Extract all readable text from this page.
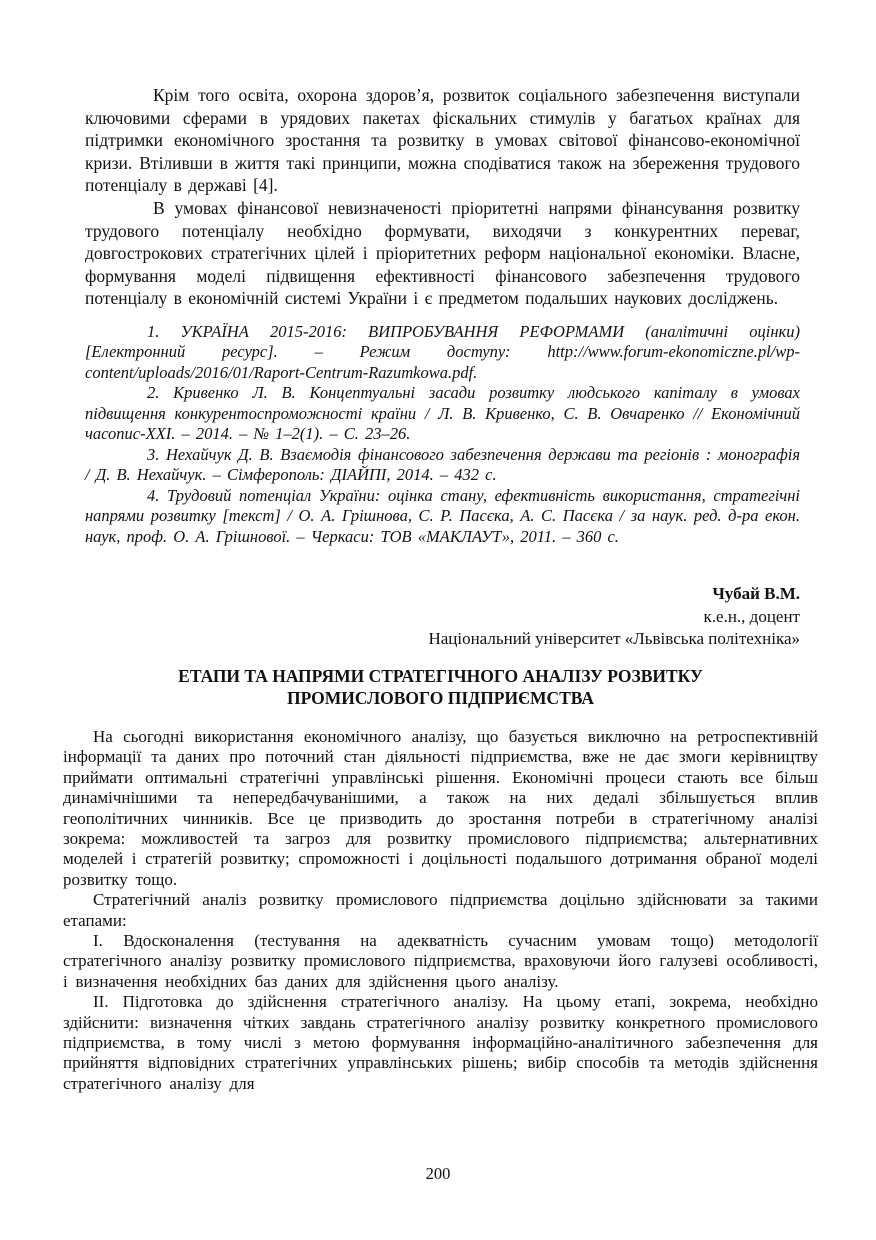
Крім того освіта, охорона здоров’я, розвиток соціального забезпечення виступали ключовими сферами в урядових пакетах фіскальних стимулів у багатьох країнах для підтримки економічного зростання та розвитку в умовах світової фінансово-економічної кризи. Втіливши в життя такі принципи, можна сподіватися також на збереження трудового потенціалу в державі [4].

В умовах фінансової невизначеності пріоритетні напрями фінансування розвитку трудового потенціалу необхідно формувати, виходячи з конкурентних переваг, довгострокових стратегічних цілей і пріоритетних реформ національної економіки. Власне, формування моделі підвищення ефективності фінансового забезпечення трудового потенціалу в економічній системі України і є предметом подальших наукових досліджень.

1. УКРАЇНА 2015-2016: ВИПРОБУВАННЯ РЕФОРМАМИ (аналітичні оцінки) [Електронний ресурс]. – Режим доступу: http://www.forum-ekonomiczne.pl/wp-content/uploads/2016/01/Raport-Centrum-Razumkowa.pdf.

2. Кривенко Л. В. Концептуальні засади розвитку людського капіталу в умовах підвищення конкурентоспроможності країни / Л. В. Кривенко, С. В. Овчаренко // Економічний часопис-XXI. – 2014. – № 1–2(1). – С. 23–26.

3. Нехайчук Д. В. Взаємодія фінансового забезпечення держави та регіонів : монографія / Д. В. Нехайчук. – Сімферополь: ДІАЙПІ, 2014. – 432 с.

4. Трудовий потенціал України: оцінка стану, ефективність використання, стратегічні напрями розвитку [текст] / О. А. Грішнова, С. Р. Пасєка, А. С. Пасєка / за наук. ред. д-ра екон. наук, проф. О. А. Грішнової. – Черкаси: ТОВ «МАКЛАУТ», 2011. – 360 с.

Чубай В.М.
к.е.н., доцент
Національний університет «Львівська політехніка»
ЕТАПИ ТА НАПРЯМИ СТРАТЕГІЧНОГО АНАЛІЗУ РОЗВИТКУ
ПРОМИСЛОВОГО ПІДПРИЄМСТВА

На сьогодні використання економічного аналізу, що базується виключно на ретроспективній інформації та даних про поточний стан діяльності підприємства, вже не дає змоги керівництву приймати оптимальні стратегічні управлінські рішення. Економічні процеси стають все більш динамічнішими та непередбачуванішими, а також на них дедалі збільшується вплив геополітичних чинників. Все це призводить до зростання потреби в стратегічному аналізі зокрема: можливостей та загроз для розвитку промислового підприємства; альтернативних моделей і стратегій розвитку; спроможності і доцільності подальшого дотримання обраної моделі розвитку тощо.

Стратегічний аналіз розвитку промислового підприємства доцільно здійснювати за такими етапами:

І. Вдосконалення (тестування на адекватність сучасним умовам тощо) методології стратегічного аналізу розвитку промислового підприємства, враховуючи його галузеві особливості, і визначення необхідних баз даних для здійснення цього аналізу.

ІІ. Підготовка до здійснення стратегічного аналізу. На цьому етапі, зокрема, необхідно здійснити: визначення чітких завдань стратегічного аналізу розвитку конкретного промислового підприємства, в тому числі з метою формування інформаційно-аналітичного забезпечення для прийняття відповідних стратегічних управлінських рішень; вибір способів та методів здійснення стратегічного аналізу для

200
